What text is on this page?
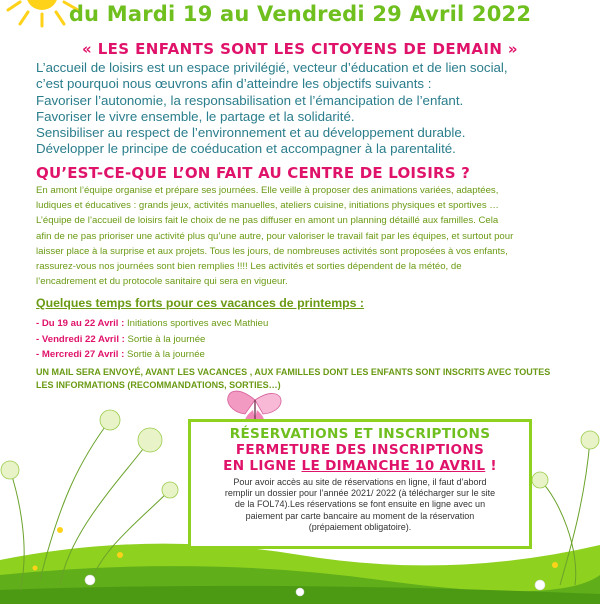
du Mardi 19 au Vendredi 29 Avril 2022
« LES ENFANTS SONT LES CITOYENS DE DEMAIN »
L’accueil de loisirs est un espace privilégié, vecteur d’éducation et de lien social,
c’est pourquoi nous œuvrons afin d’atteindre les objectifs suivants :
Favoriser l’autonomie, la responsabilisation et l’émancipation de l’enfant.
Favoriser le vivre ensemble, le partage et la solidarité.
Sensibiliser au respect de l’environnement et au développement durable.
Développer le principe de coéducation et accompagner à la parentalité.
QU’EST-CE-QUE L’ON FAIT AU CENTRE DE LOISIRS ?
En amont l’équipe organise et prépare ses journées. Elle veille à proposer des animations variées, adaptées,
ludiques et éducatives : grands jeux, activités manuelles, ateliers cuisine, initiations physiques et sportives …
L’équipe de l’accueil de loisirs fait le choix de ne pas diffuser en amont un planning détaillé aux familles. Cela
afin de ne pas prioriser une activité plus qu’une autre, pour valoriser le travail fait par les équipes, et surtout pour
laisser place à la surprise et aux projets. Tous les jours, de nombreuses activités sont proposées à vos enfants,
rassurez-vous nos journées sont bien remplies !!!! Les activités et sorties dépendent de la météo, de
l’encadrement et du protocole sanitaire qui sera en vigueur.
Quelques temps forts pour ces vacances de printemps :
- Du 19 au 22 Avril : Initiations sportives avec Mathieu
- Vendredi 22 Avril : Sortie à la journée
- Mercredi 27 Avril : Sortie à la journée
UN MAIL SERA ENVOYÉ, AVANT LES VACANCES , AUX FAMILLES DONT LES ENFANTS SONT INSCRITS AVEC TOUTES
LES INFORMATIONS (RECOMMANDATIONS, SORTIES…)
RÉSERVATIONS ET INSCRIPTIONS
FERMETURE DES INSCRIPTIONS
EN LIGNE LE DIMANCHE 10 AVRIL !
Pour avoir accès au site de réservations en ligne, il faut d’abord
remplir un dossier pour l’année 2021/ 2022 (à télécharger sur le site
de la FOL74).Les réservations se font ensuite en ligne avec un
paiement par carte bancaire au moment de la réservation
(prépaiement obligatoire).
